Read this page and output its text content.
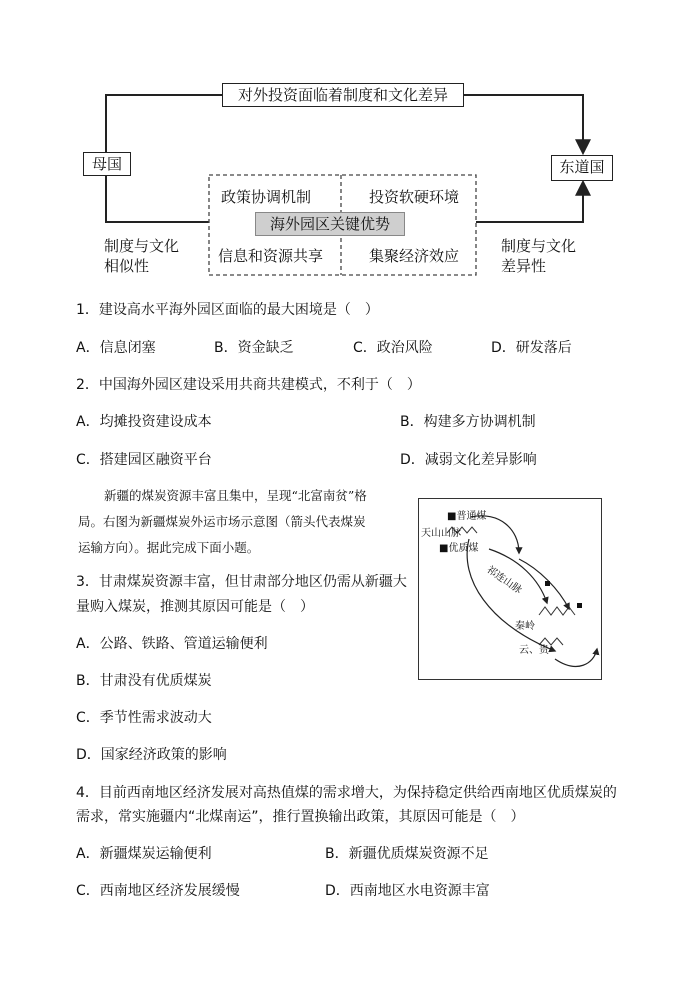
对外投资面临着制度和文化差异
母国	东道国
政策协调机制	投资软硬环境
信息和资源共享	集聚经济效应
海外园区关键优势
制度与文化
相似性
制度与文化
差异性
1．建设高水平海外园区面临的最大困境是（　）
A．信息闭塞	B．资金缺乏	C．政治风险	D．研发落后
2．中国海外园区建设采用共商共建模式，不利于（　）
A．均摊投资建设成本	B．构建多方协调机制
C．搭建园区融资平台	D．减弱文化差异影响
新疆的煤炭资源丰富且集中，呈现“北富南贫”格
局。右图为新疆煤炭外运市场示意图（箭头代表煤炭
运输方向）。据此完成下面小题。
3．甘肃煤炭资源丰富，但甘肃部分地区仍需从新疆大
量购入煤炭，推测其原因可能是（　）
A．公路、铁路、管道运输便利
B．甘肃没有优质煤炭
C．季节性需求波动大
D．国家经济政策的影响
■普通煤
天山山脉
■优质煤
祁连山脉
秦岭
云、贵
4．目前西南地区经济发展对高热值煤的需求增大，为保持稳定供给西南地区优质煤炭的
需求，常实施疆内“北煤南运”，推行置换输出政策，其原因可能是（　）
A．新疆煤炭运输便利	B．新疆优质煤炭资源不足
C．西南地区经济发展缓慢	D．西南地区水电资源丰富
